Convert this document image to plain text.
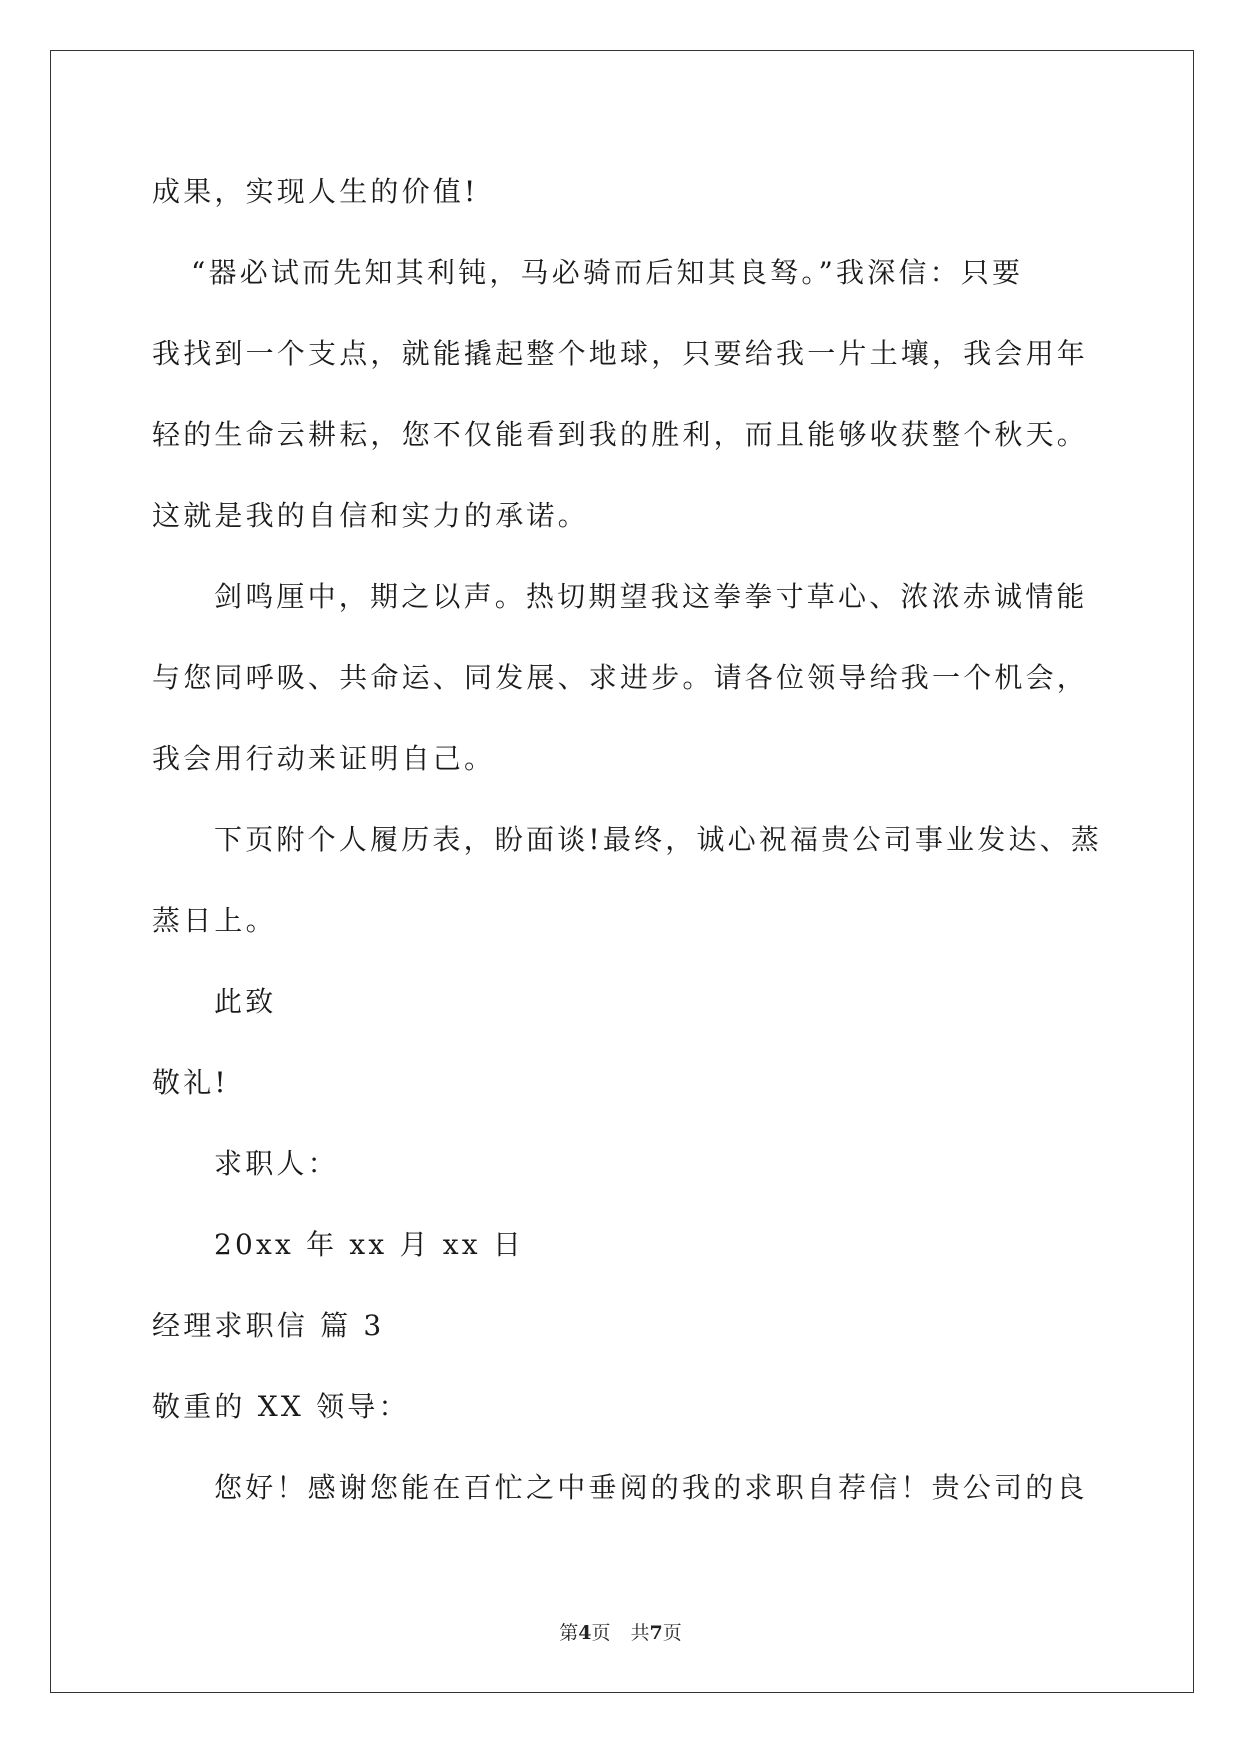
成果，实现人生的价值!
“器必试而先知其利钝，马必骑而后知其良驽。”我深信：只要
我找到一个支点，就能撬起整个地球，只要给我一片土壤，我会用年
轻的生命云耕耘，您不仅能看到我的胜利，而且能够收获整个秋天。
这就是我的自信和实力的承诺。
剑鸣厘中，期之以声。热切期望我这拳拳寸草心、浓浓赤诚情能
与您同呼吸、共命运、同发展、求进步。请各位领导给我一个机会，
我会用行动来证明自己。
下页附个人履历表，盼面谈!最终，诚心祝福贵公司事业发达、蒸
蒸日上。
此致
敬礼!
求职人：
20xx 年 xx 月 xx 日
经理求职信 篇 3
敬重的 XX 领导：
您好！感谢您能在百忙之中垂阅的我的求职自荐信！贵公司的良
第4页 共7页
